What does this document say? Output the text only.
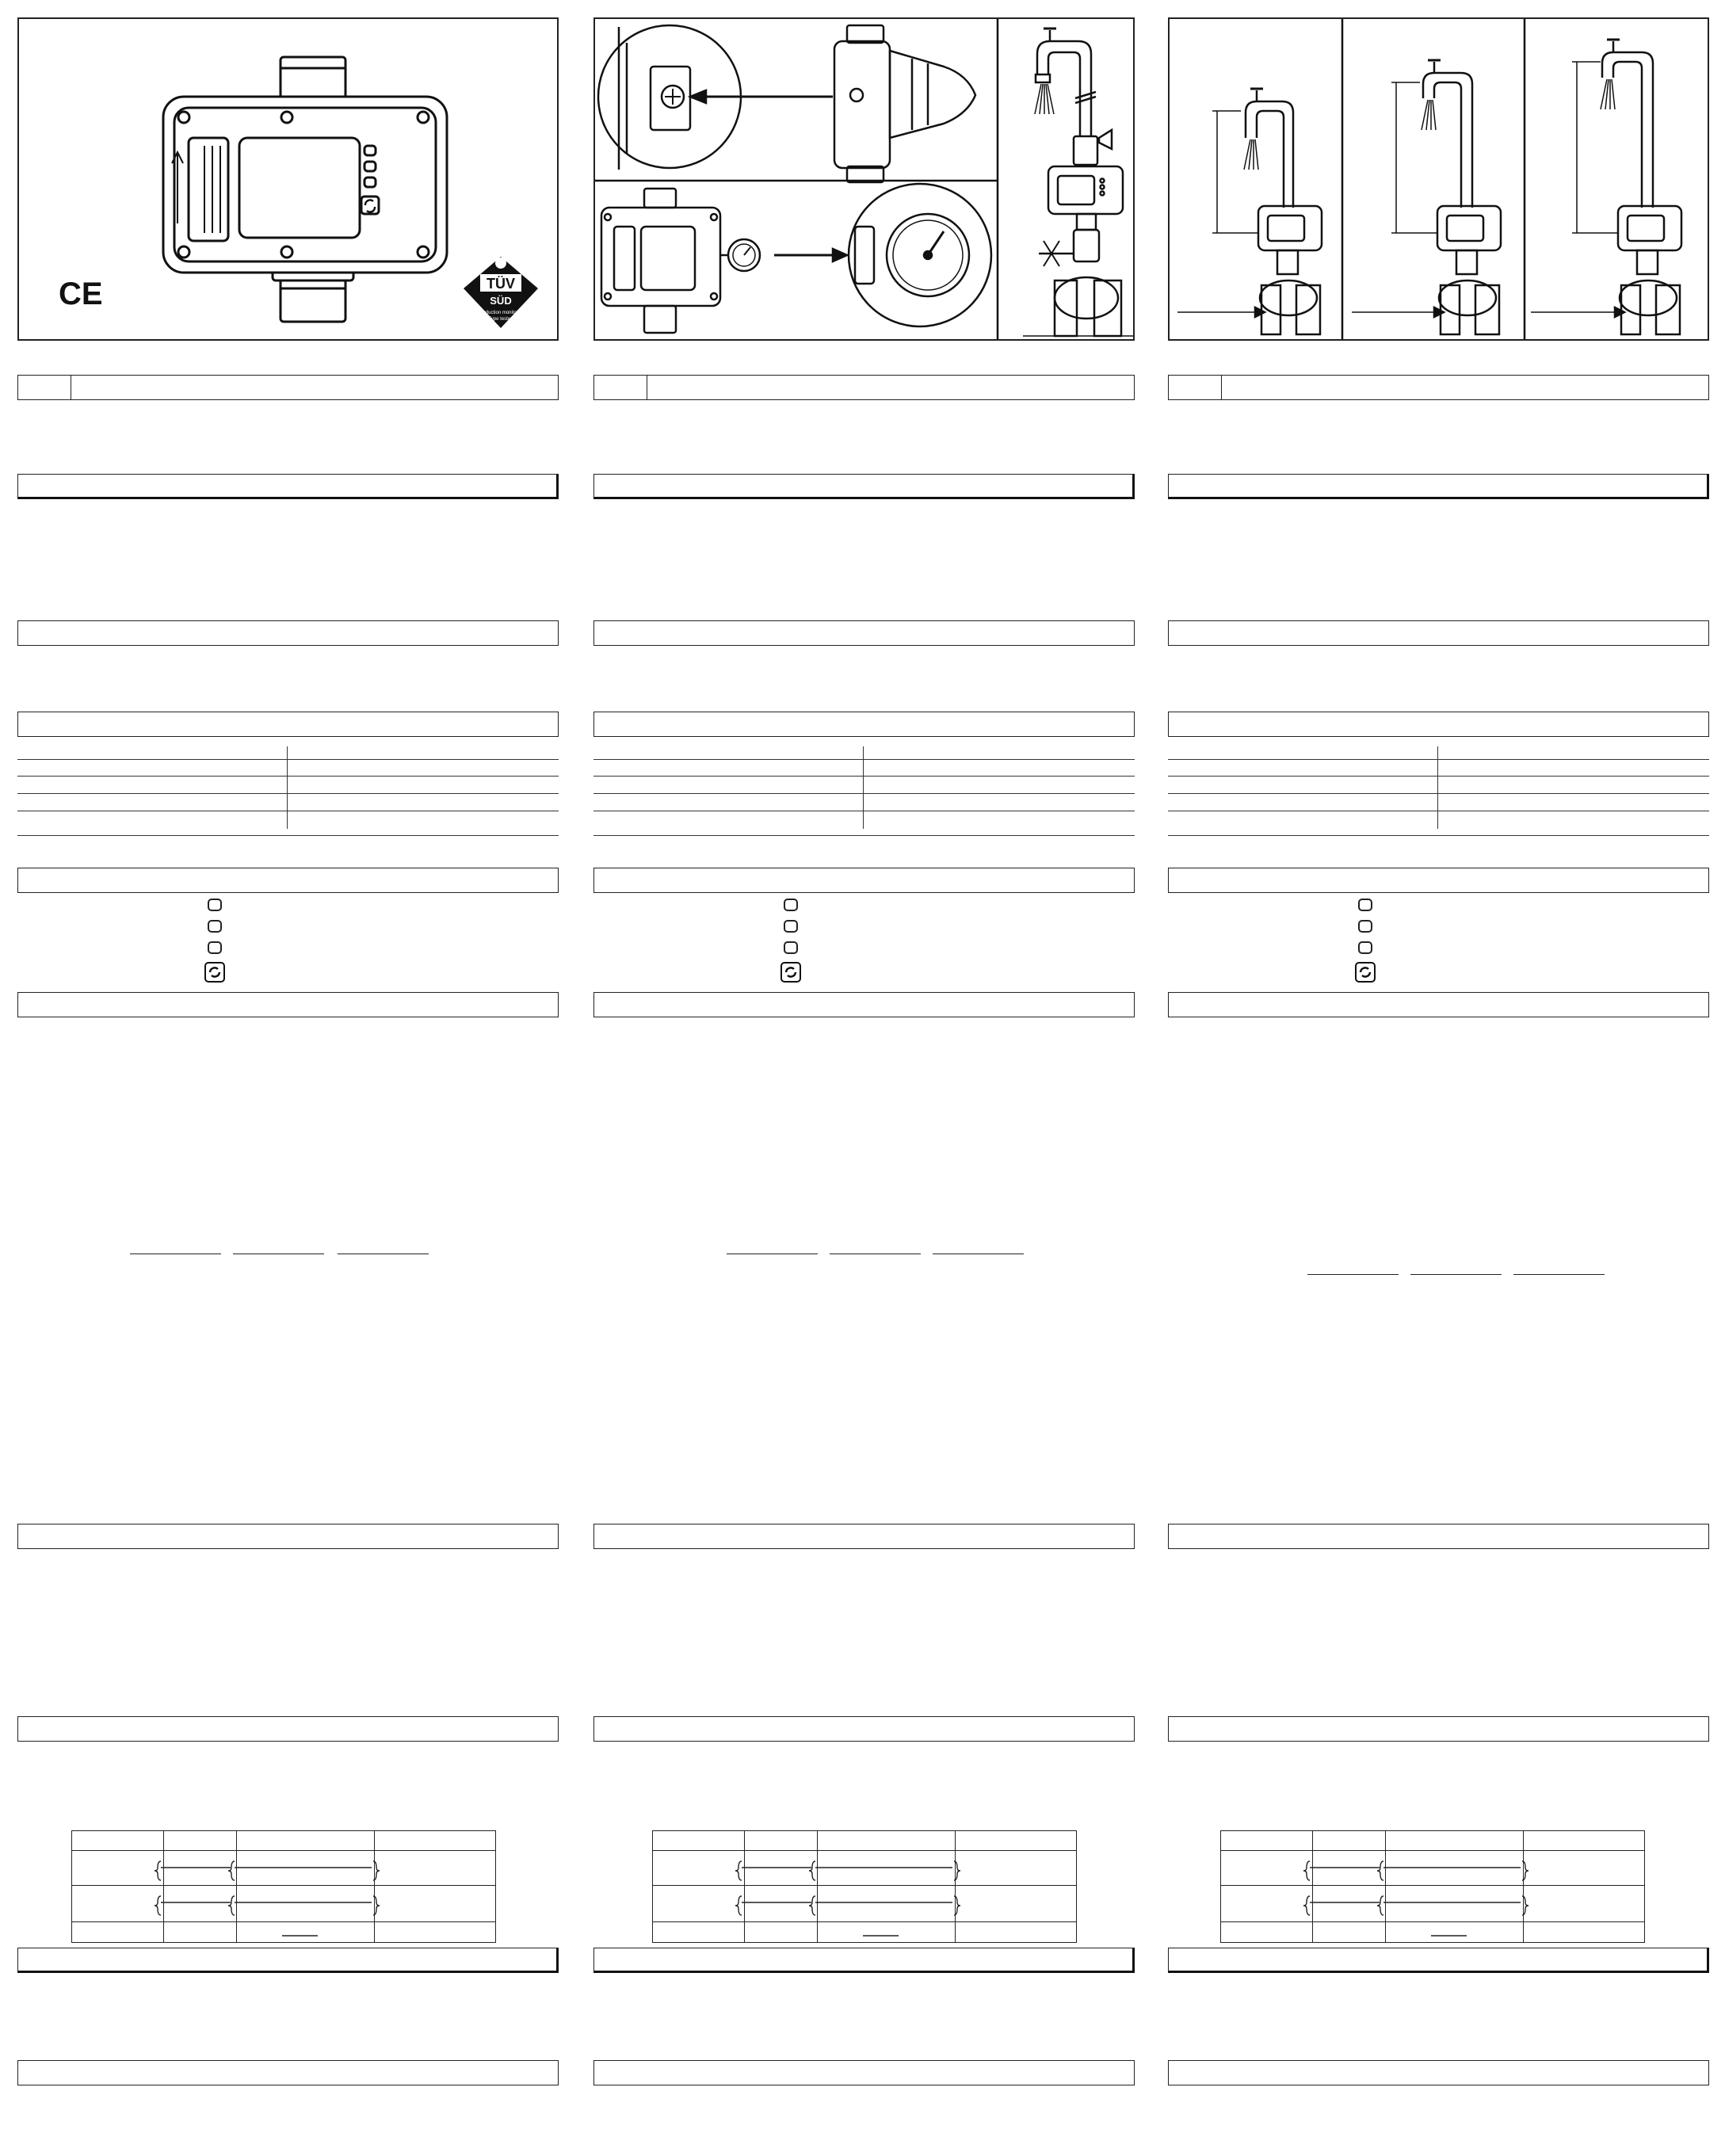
CE	TÜV
SÜD
Production monitored
Type tested
